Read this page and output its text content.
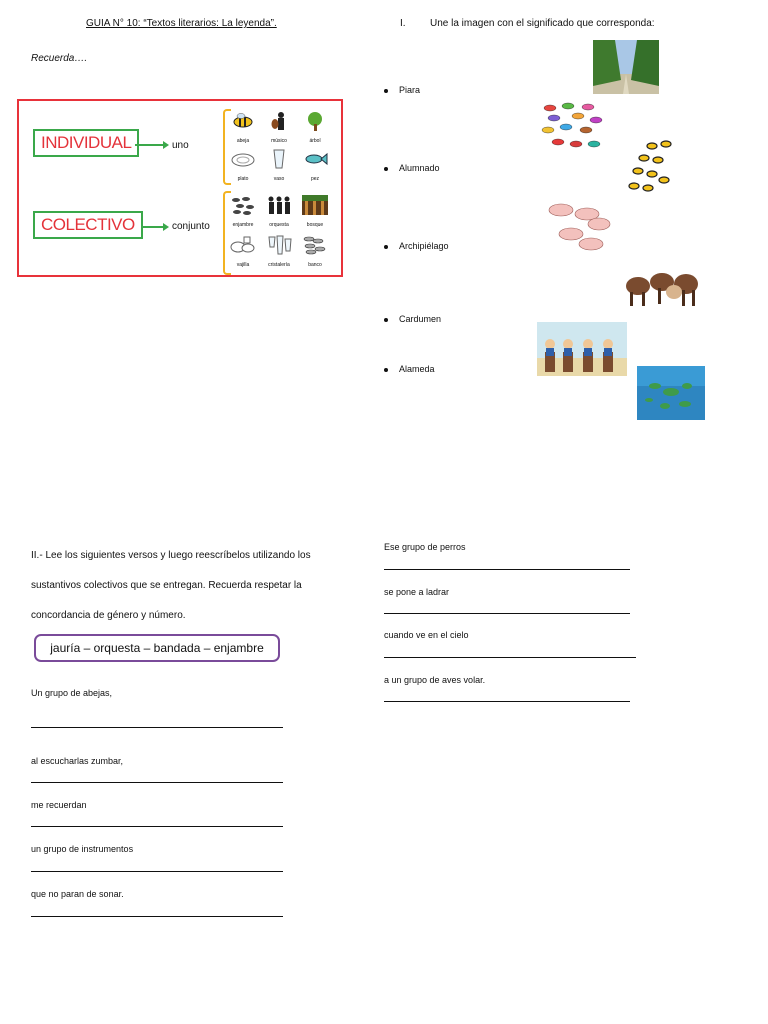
GUIA N° 10: “Textos literarios: La leyenda”.
Recuerda….
INDIVIDUAL	uno
COLECTIVO	conjunto
abeja	músico	árbol
plato	vaso	pez
enjambre	orquesta	bosque
vajilla	cristalería	banco
I. Une la imagen con el significado que corresponda:
Piara
Alumnado
Archipiélago
Cardumen
Alameda
II.- Lee los siguientes versos y luego reescríbelos utilizando los sustantivos colectivos que se entregan. Recuerda respetar la concordancia de género y número.
jauría – orquesta – bandada – enjambre
Un grupo de abejas,
al escucharlas zumbar,
me recuerdan
un grupo de instrumentos
que no paran de sonar.
Ese grupo de perros
se pone a ladrar
cuando ve en el cielo
a un grupo de aves volar.
